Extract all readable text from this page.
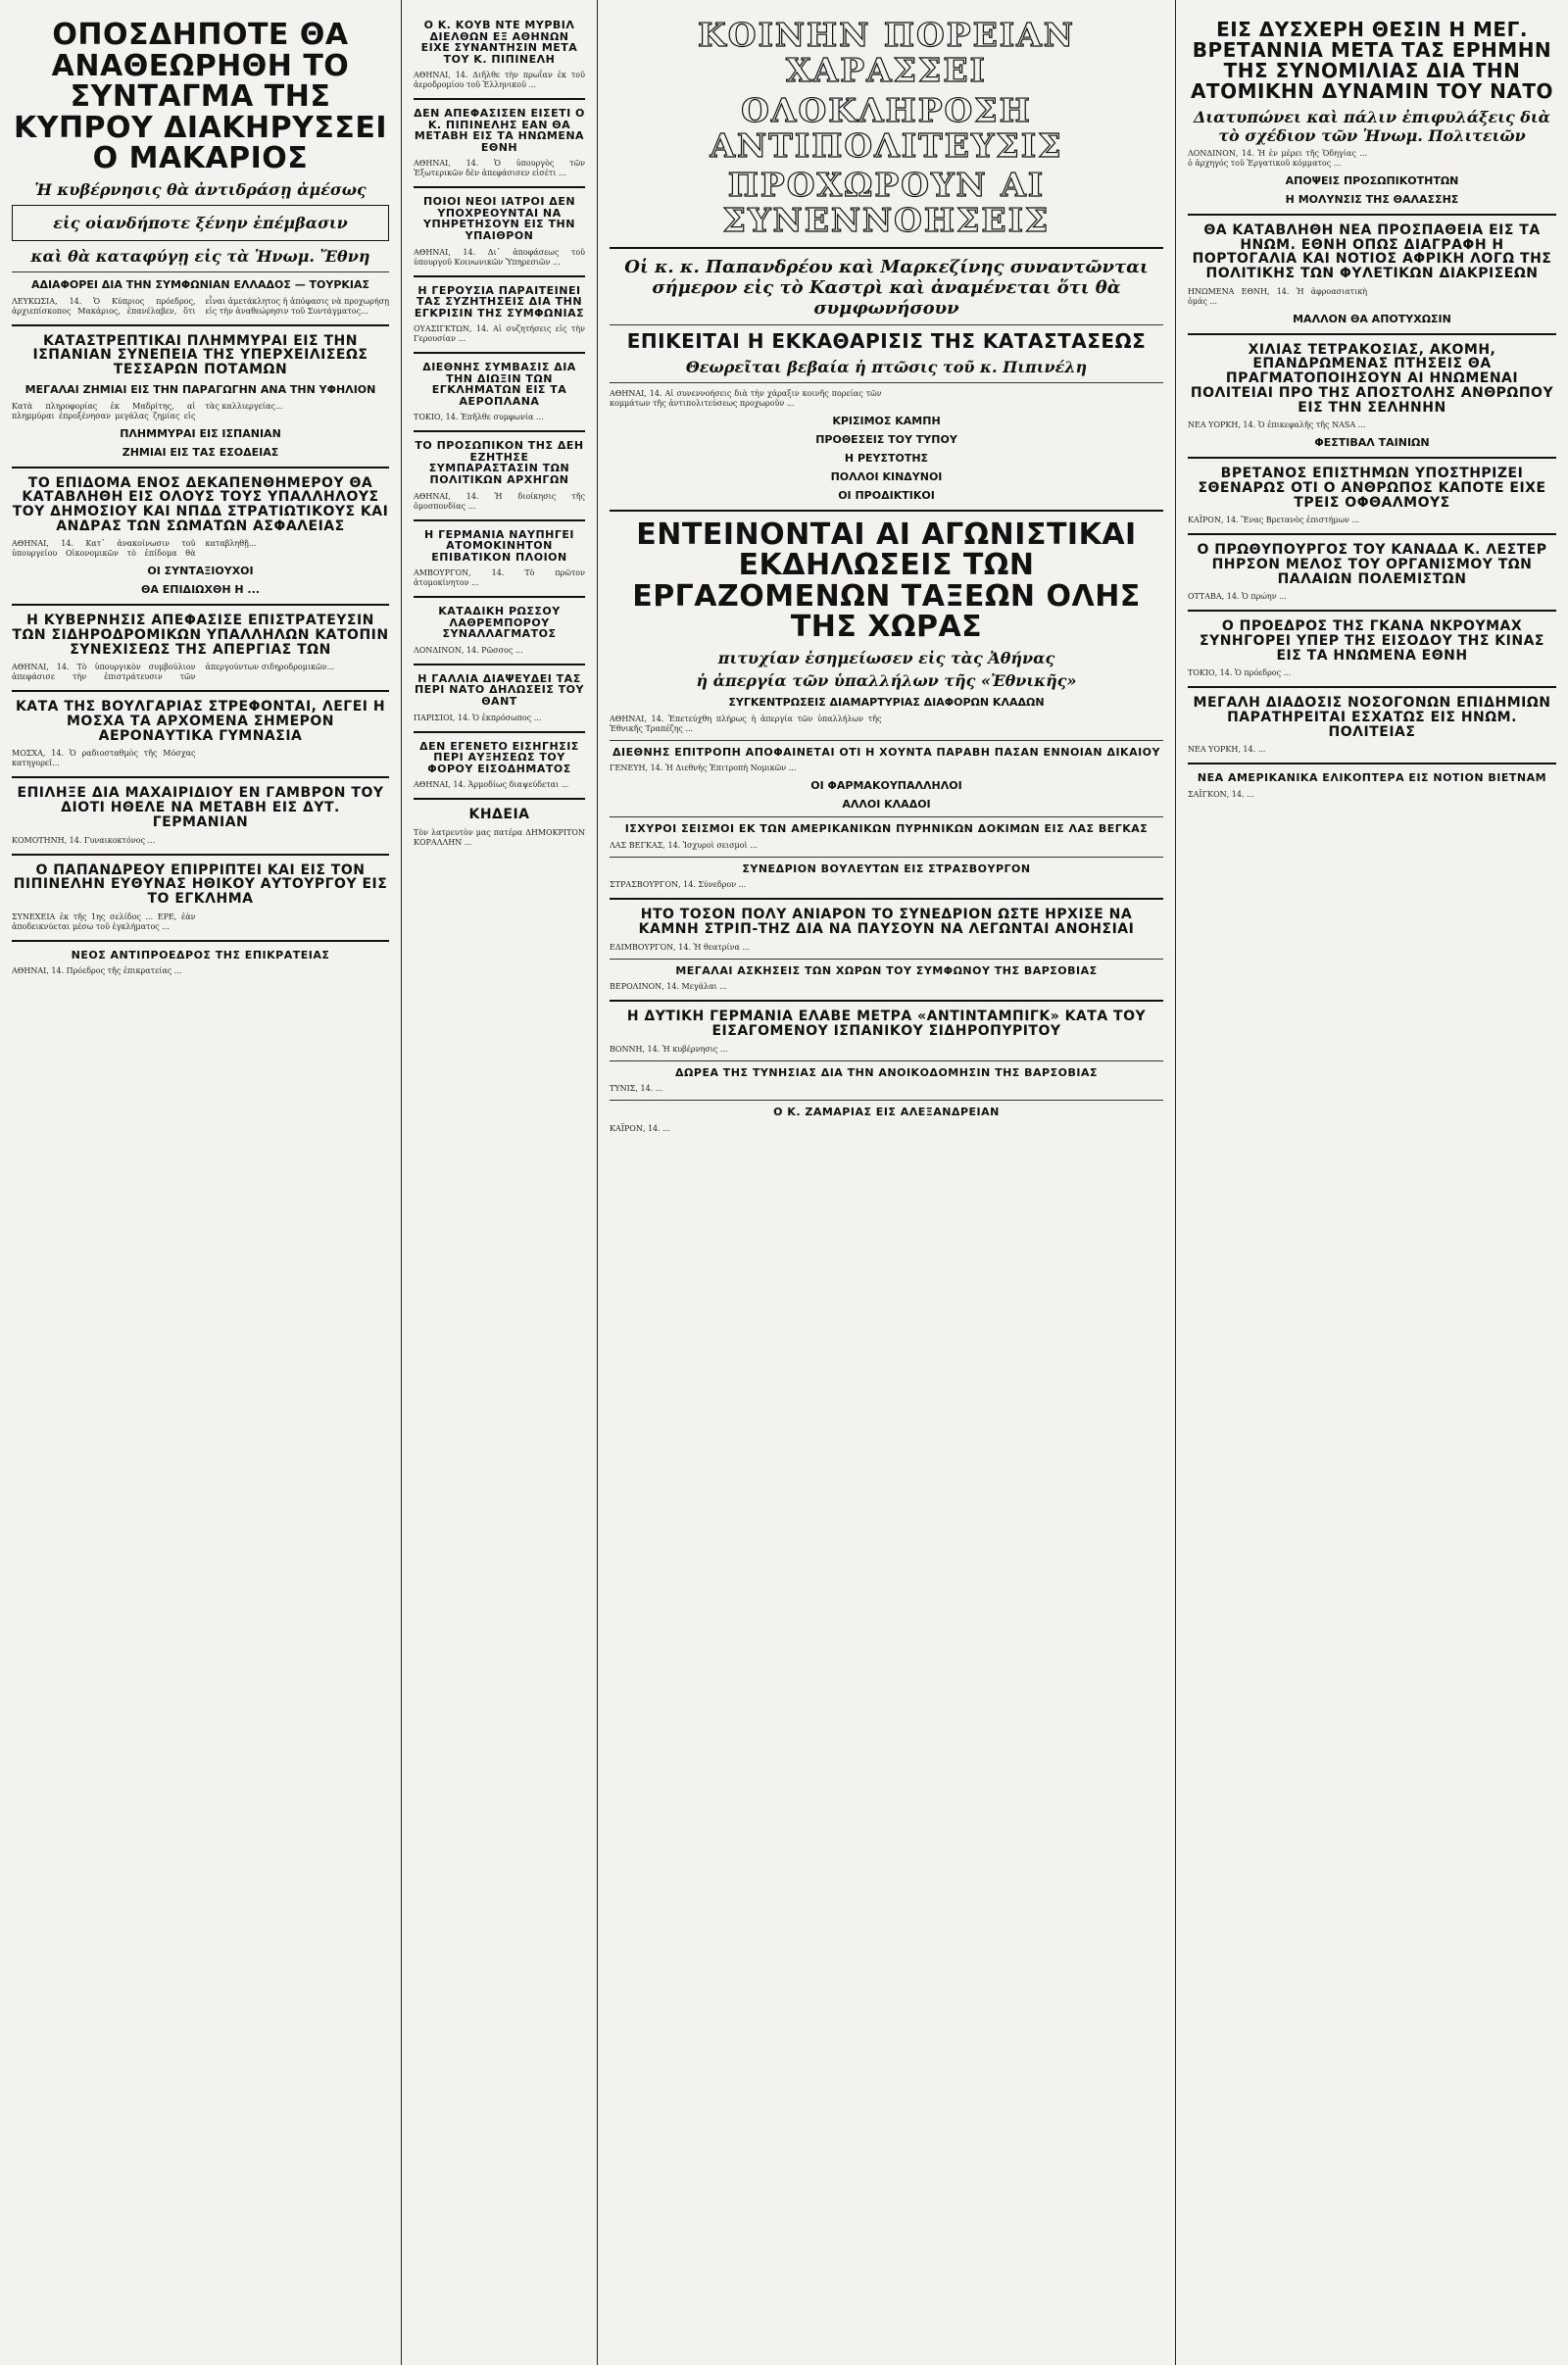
ΟΠΟΣΔΗΠΟΤΕ ΘΑ ΑΝΑΘΕΩΡΗΘΗ ΤΟ ΣΥΝΤΑΓΜΑ ΤΗΣ ΚΥΠΡΟΥ ΔΙΑΚΗΡΥΣΣΕΙ Ο ΜΑΚΑΡΙΟΣ
Ἡ κυβέρνησις θὰ ἀντιδράσῃ ἀμέσως
εἰς οἱανδήποτε ξένην ἐπέμβασιν
καὶ θὰ καταφύγῃ εἰς τὰ Ἡνωμ. Ἔθνη
ΑΔΙΑΦΟΡΕΙ ΔΙΑ ΤΗΝ ΣΥΜΦΩΝΙΑΝ ΕΛΛΑΔΟΣ — ΤΟΥΡΚΙΑΣ
ΛΕΥΚΩΣΙΑ, 14. Ὁ Κύπριος πρόεδρος, ἀρχιεπίσκοπος Μακάριος, ἐπανέλαβεν, ὅτι εἶναι ἀμετάκλητος ἡ ἀπόφασις νὰ προχωρήσῃ εἰς τὴν ἀναθεώρησιν τοῦ Συντάγματος...
ΚΑΤΑΣΤΡΕΠΤΙΚΑΙ ΠΛΗΜΜΥΡΑΙ ΕΙΣ ΤΗΝ ΙΣΠΑΝΙΑΝ ΣΥΝΕΠΕΙΑ ΤΗΣ ΥΠΕΡΧΕΙΛΙΣΕΩΣ ΤΕΣΣΑΡΩΝ ΠΟΤΑΜΩΝ
ΜΕΓΑΛΑΙ ΖΗΜΙΑΙ ΕΙΣ ΤΗΝ ΠΑΡΑΓΩΓΗΝ ΑΝΑ ΤΗΝ ΥΦΗΛΙΟΝ
Κατὰ πληροφορίας ἐκ Μαδρίτης, αἱ πλημμύραι ἐπροξένησαν μεγάλας ζημίας εἰς τὰς καλλιεργείας...
ΠΛΗΜΜΥΡΑΙ ΕΙΣ ΙΣΠΑΝΙΑΝ
ΖΗΜΙΑΙ ΕΙΣ ΤΑΣ ΕΣΟΔΕΙΑΣ
ΤΟ ΕΠΙΔΟΜΑ ΕΝΟΣ ΔΕΚΑΠΕΝΘΗΜΕΡΟΥ ΘΑ ΚΑΤΑΒΛΗΘΗ ΕΙΣ ΟΛΟΥΣ ΤΟΥΣ ΥΠΑΛΛΗΛΟΥΣ ΤΟΥ ΔΗΜΟΣΙΟΥ ΚΑΙ ΝΠΔΔ ΣΤΡΑΤΙΩΤΙΚΟΥΣ ΚΑΙ ΑΝΔΡΑΣ ΤΩΝ ΣΩΜΑΤΩΝ ΑΣΦΑΛΕΙΑΣ
ΑΘΗΝΑΙ, 14. Κατ᾽ ἀνακοίνωσιν τοῦ ὑπουργείου Οἰκονομικῶν τὸ ἐπίδομα θὰ καταβληθῇ...
ΟΙ ΣΥΝΤΑΞΙΟΥΧΟΙ
ΘΑ ΕΠΙΔΙΩΧΘΗ Η ...
Η ΚΥΒΕΡΝΗΣΙΣ ΑΠΕΦΑΣΙΣΕ ΕΠΙΣΤΡΑΤΕΥΣΙΝ ΤΩΝ ΣΙΔΗΡΟΔΡΟΜΙΚΩΝ ΥΠΑΛΛΗΛΩΝ ΚΑΤΟΠΙΝ ΣΥΝΕΧΙΣΕΩΣ ΤΗΣ ΑΠΕΡΓΙΑΣ ΤΩΝ
ΑΘΗΝΑΙ, 14. Τὸ ὑπουργικὸν συμβούλιον ἀπεφάσισε τὴν ἐπιστράτευσιν τῶν ἀπεργούντων σιδηροδρομικῶν...
ΚΑΤΑ ΤΗΣ ΒΟΥΛΓΑΡΙΑΣ ΣΤΡΕΦΟΝΤΑΙ, ΛΕΓΕΙ Η ΜΟΣΧΑ ΤΑ ΑΡΧΟΜΕΝΑ ΣΗΜΕΡΟΝ ΑΕΡΟΝΑΥΤΙΚΑ ΓΥΜΝΑΣΙΑ
ΜΟΣΧΑ, 14. Ὁ ραδιοσταθμὸς τῆς Μόσχας κατηγορεῖ...
ΕΠΙΛΗΞΕ ΔΙΑ ΜΑΧΑΙΡΙΔΙΟΥ ΕΝ ΓΑΜΒΡΟΝ ΤΟΥ ΔΙΟΤΙ ΗΘΕΛΕ ΝΑ ΜΕΤΑΒΗ ΕΙΣ ΔΥΤ. ΓΕΡΜΑΝΙΑΝ
ΚΟΜΟΤΗΝΗ, 14. Γυναικοκτόνος ...
Ο ΠΑΠΑΝΔΡΕΟΥ ΕΠΙΡΡΙΠΤΕΙ ΚΑΙ ΕΙΣ ΤΟΝ ΠΙΠΙΝΕΛΗΝ ΕΥΘΥΝΑΣ ΗΘΙΚΟΥ ΑΥΤΟΥΡΓΟΥ ΕΙΣ ΤΟ ΕΓΚΛΗΜΑ
ΣΥΝΕΧΕΙΑ ἐκ τῆς 1ης σελίδος ... ΕΡΕ, ἐὰν ἀποδεικνύεται μέσω τοῦ ἐγκλήματος ...
ΝΕΟΣ ΑΝΤΙΠΡΟΕΔΡΟΣ ΤΗΣ ΕΠΙΚΡΑΤΕΙΑΣ
ΑΘΗΝΑΙ, 14. Πρόεδρος τῆς ἐπικρατείας ...
Ο Κ. ΚΟΥΒ ΝΤΕ ΜΥΡΒΙΛ ΔΙΕΛΘΩΝ ΕΞ ΑΘΗΝΩΝ ΕΙΧΕ ΣΥΝΑΝΤΗΣΙΝ ΜΕΤΑ ΤΟΥ Κ. ΠΙΠΙΝΕΛΗ
ΑΘΗΝΑΙ, 14. Διῆλθε τὴν πρωΐαν ἐκ τοῦ ἀεροδρομίου τοῦ Ἑλληνικοῦ ...
ΔΕΝ ΑΠΕΦΑΣΙΣΕΝ ΕΙΣΕΤΙ Ο Κ. ΠΙΠΙΝΕΛΗΣ ΕΑΝ ΘΑ ΜΕΤΑΒΗ ΕΙΣ ΤΑ ΗΝΩΜΕΝΑ ΕΘΝΗ
ΑΘΗΝΑΙ, 14. Ὁ ὑπουργὸς τῶν Ἐξωτερικῶν δὲν ἀπεφάσισεν εἰσέτι ...
ΠΟΙΟΙ ΝΕΟΙ ΙΑΤΡΟΙ ΔΕΝ ΥΠΟΧΡΕΟΥΝΤΑΙ ΝΑ ΥΠΗΡΕΤΗΣΟΥΝ ΕΙΣ ΤΗΝ ΥΠΑΙΘΡΟΝ
ΑΘΗΝΑΙ, 14. Δι᾽ ἀποφάσεως τοῦ ὑπουργοῦ Κοινωνικῶν Ὑπηρεσιῶν ...
Η ΓΕΡΟΥΣΙΑ ΠΑΡΑΙΤΕΙΝΕΙ ΤΑΣ ΣΥΖΗΤΗΣΕΙΣ ΔΙΑ ΤΗΝ ΕΓΚΡΙΣΙΝ ΤΗΣ ΣΥΜΦΩΝΙΑΣ
ΟΥΑΣΙΓΚΤΩΝ, 14. Αἱ συζητήσεις εἰς τὴν Γερουσίαν ...
ΔΙΕΘΝΗΣ ΣΥΜΒΑΣΙΣ ΔΙΑ ΤΗΝ ΔΙΩΞΙΝ ΤΩΝ ΕΓΚΛΗΜΑΤΩΝ ΕΙΣ ΤΑ ΑΕΡΟΠΛΑΝΑ
ΤΟΚΙΟ, 14. Ἐπῆλθε συμφωνία ...
ΤΟ ΠΡΟΣΩΠΙΚΟΝ ΤΗΣ ΔΕΗ ΕΖΗΤΗΣΕ ΣΥΜΠΑΡΑΣΤΑΣΙΝ ΤΩΝ ΠΟΛΙΤΙΚΩΝ ΑΡΧΗΓΩΝ
ΑΘΗΝΑΙ, 14. Ἡ διοίκησις τῆς ὁμοσπονδίας ...
Η ΓΕΡΜΑΝΙΑ ΝΑΥΠΗΓΕΙ ΑΤΟΜΟΚΙΝΗΤΟΝ ΕΠΙΒΑΤΙΚΟΝ ΠΛΟΙΟΝ
ΑΜΒΟΥΡΓΟΝ, 14. Τὸ πρῶτον ἀτομοκίνητον ...
ΚΑΤΑΔΙΚΗ ΡΩΣΣΟΥ ΛΑΘΡΕΜΠΟΡΟΥ ΣΥΝΑΛΛΑΓΜΑΤΟΣ
ΛΟΝΔΙΝΟΝ, 14. Ρῶσσος ...
Η ΓΑΛΛΙΑ ΔΙΑΨΕΥΔΕΙ ΤΑΣ ΠΕΡΙ ΝΑΤΟ ΔΗΛΩΣΕΙΣ ΤΟΥ ΘΑΝΤ
ΠΑΡΙΣΙΟΙ, 14. Ὁ ἐκπρόσωπος ...
ΔΕΝ ΕΓΕΝΕΤΟ ΕΙΣΗΓΗΣΙΣ ΠΕΡΙ ΑΥΞΗΣΕΩΣ ΤΟΥ ΦΟΡΟΥ ΕΙΣΟΔΗΜΑΤΟΣ
ΑΘΗΝΑΙ, 14. Ἁρμοδίως διαψεύδεται ...
ΚΗΔΕΙΑ
Τὸν λατρευτὸν μας πατέρα ΔΗΜΟΚΡΙΤΟΝ ΚΟΡΑΛΛΗΝ ...
ΚΟΙΝΗΝ ΠΟΡΕΙΑΝ ΧΑΡΑΣΣΕΙ
ΟΛΟΚΛΗΡΟΣΗ ΑΝΤΙΠΟΛΙΤΕΥΣΙΣ
ΠΡΟΧΩΡΟΥΝ ΑΙ ΣΥΝΕΝΝΟΗΣΕΙΣ
Οἱ κ. κ. Παπανδρέου καὶ Μαρκεζίνης συναντῶνται σήμερον εἰς τὸ Καστρὶ καὶ ἀναμένεται ὅτι θὰ συμφωνήσουν
ΕΠΙΚΕΙΤΑΙ Η ΕΚΚΑΘΑΡΙΣΙΣ ΤΗΣ ΚΑΤΑΣΤΑΣΕΩΣ
Θεωρεῖται βεβαία ἡ πτῶσις τοῦ κ. Πιπινέλη
ΑΘΗΝΑΙ, 14. Αἱ συνεννοήσεις διὰ τὴν χάραξιν κοινῆς πορείας τῶν κομμάτων τῆς ἀντιπολιτεύσεως προχωροῦν ...
ΚΡΙΣΙΜΟΣ ΚΑΜΠΗ
ΠΡΟΘΕΣΕΙΣ ΤΟΥ ΤΥΠΟΥ
Η ΡΕΥΣΤΟΤΗΣ
ΠΟΛΛΟΙ ΚΙΝΔΥΝΟΙ
ΟΙ ΠΡΟΔΙΚΤΙΚΟΙ
ΕΝΤΕΙΝΟΝΤΑΙ ΑΙ ΑΓΩΝΙΣΤΙΚΑΙ ΕΚΔΗΛΩΣΕΙΣ ΤΩΝ ΕΡΓΑΖΟΜΕΝΩΝ ΤΑΞΕΩΝ ΟΛΗΣ ΤΗΣ ΧΩΡΑΣ
πιτυχίαν ἐσημείωσεν εἰς τὰς Ἀθήνας
ἡ ἀπεργία τῶν ὑπαλλήλων τῆς «Ἐθνικῆς»
ΣΥΓΚΕΝΤΡΩΣΕΙΣ ΔΙΑΜΑΡΤΥΡΙΑΣ ΔΙΑΦΟΡΩΝ ΚΛΑΔΩΝ
ΑΘΗΝΑΙ, 14. Ἐπετεύχθη πλήρως ἡ ἀπεργία τῶν ὑπαλλήλων τῆς Ἐθνικῆς Τραπέζης ...
ΔΙΕΘΝΗΣ ΕΠΙΤΡΟΠΗ ΑΠΟΦΑΙΝΕΤΑΙ ΟΤΙ Η ΧΟΥΝΤΑ ΠΑΡΑΒΗ ΠΑΣΑΝ ΕΝΝΟΙΑΝ ΔΙΚΑΙΟΥ
ΓΕΝΕΥΗ, 14. Ἡ Διεθνὴς Ἐπιτροπὴ Νομικῶν ...
ΟΙ ΦΑΡΜΑΚΟΥΠΑΛΛΗΛΟΙ
ΑΛΛΟΙ ΚΛΑΔΟΙ
ΙΣΧΥΡΟΙ ΣΕΙΣΜΟΙ ΕΚ ΤΩΝ ΑΜΕΡΙΚΑΝΙΚΩΝ ΠΥΡΗΝΙΚΩΝ ΔΟΚΙΜΩΝ ΕΙΣ ΛΑΣ ΒΕΓΚΑΣ
ΛΑΣ ΒΕΓΚΑΣ, 14. Ἰσχυροὶ σεισμοὶ ...
ΣΥΝΕΔΡΙΟΝ ΒΟΥΛΕΥΤΩΝ ΕΙΣ ΣΤΡΑΣΒΟΥΡΓΟΝ
ΣΤΡΑΣΒΟΥΡΓΟΝ, 14. Σύνεδρον ...
ΗΤΟ ΤΟΣΟΝ ΠΟΛΥ ΑΝΙΑΡΟΝ ΤΟ ΣΥΝΕΔΡΙΟΝ ΩΣΤΕ ΗΡΧΙΣΕ ΝΑ ΚΑΜΝΗ ΣΤΡΙΠ-ΤΗΖ ΔΙΑ ΝΑ ΠΑΥΣΟΥΝ ΝΑ ΛΕΓΩΝΤΑΙ ΑΝΟΗΣΙΑΙ
ΕΔΙΜΒΟΥΡΓΟΝ, 14. Ἡ θεατρίνα ...
ΜΕΓΑΛΑΙ ΑΣΚΗΣΕΙΣ ΤΩΝ ΧΩΡΩΝ ΤΟΥ ΣΥΜΦΩΝΟΥ ΤΗΣ ΒΑΡΣΟΒΙΑΣ
ΒΕΡΟΛΙΝΟΝ, 14. Μεγάλαι ...
Η ΔΥΤΙΚΗ ΓΕΡΜΑΝΙΑ ΕΛΑΒΕ ΜΕΤΡΑ «ΑΝΤΙΝΤΑΜΠΙΓΚ» ΚΑΤΑ ΤΟΥ ΕΙΣΑΓΟΜΕΝΟΥ ΙΣΠΑΝΙΚΟΥ ΣΙΔΗΡΟΠΥΡΙΤΟΥ
ΒΟΝΝΗ, 14. Ἡ κυβέρνησις ...
ΔΩΡΕΑ ΤΗΣ ΤΥΝΗΣΙΑΣ ΔΙΑ ΤΗΝ ΑΝΟΙΚΟΔΟΜΗΣΙΝ ΤΗΣ ΒΑΡΣΟΒΙΑΣ
ΤΥΝΙΣ, 14. ...
Ο Κ. ΖΑΜΑΡΙΑΣ ΕΙΣ ΑΛΕΞΑΝΔΡΕΙΑΝ
ΚΑΪΡΟΝ, 14. ...
ΕΙΣ ΔΥΣΧΕΡΗ ΘΕΣΙΝ Η ΜΕΓ. ΒΡΕΤΑΝΝΙΑ ΜΕΤΑ ΤΑΣ ΕΡΗΜΗΝ ΤΗΣ ΣΥΝΟΜΙΛΙΑΣ ΔΙΑ ΤΗΝ ΑΤΟΜΙΚΗΝ ΔΥΝΑΜΙΝ ΤΟΥ ΝΑΤΟ
Διατυπώνει καὶ πάλιν ἐπιφυλάξεις διὰ τὸ σχέδιον τῶν Ἡνωμ. Πολιτειῶν
ΛΟΝΔΙΝΟΝ, 14. Ἡ ἐν μέρει τῆς Ὁδηγίας ... ὁ ἀρχηγός τοῦ Ἐργατικοῦ κόμματος ...
ΑΠΟΨΕΙΣ ΠΡΟΣΩΠΙΚΟΤΗΤΩΝ
Η ΜΟΛΥΝΣΙΣ ΤΗΣ ΘΑΛΑΣΣΗΣ
ΘΑ ΚΑΤΑΒΛΗΘΗ ΝΕΑ ΠΡΟΣΠΑΘΕΙΑ ΕΙΣ ΤΑ ΗΝΩΜ. ΕΘΝΗ ΟΠΩΣ ΔΙΑΓΡΑΦΗ Η ΠΟΡΤΟΓΑΛΙΑ ΚΑΙ ΝΟΤΙΟΣ ΑΦΡΙΚΗ ΛΟΓΩ ΤΗΣ ΠΟΛΙΤΙΚΗΣ ΤΩΝ ΦΥΛΕΤΙΚΩΝ ΔΙΑΚΡΙΣΕΩΝ
ΗΝΩΜΕΝΑ ΕΘΝΗ, 14. Ἡ ἀφροασιατικὴ ὁμάς ...
ΜΑΛΛΟΝ ΘΑ ΑΠΟΤΥΧΩΣΙΝ
ΧΙΛΙΑΣ ΤΕΤΡΑΚΟΣΙΑΣ, ΑΚΟΜΗ, ΕΠΑΝΔΡΩΜΕΝΑΣ ΠΤΗΣΕΙΣ ΘΑ ΠΡΑΓΜΑΤΟΠΟΙΗΣΟΥΝ ΑΙ ΗΝΩΜΕΝΑΙ ΠΟΛΙΤΕΙΑΙ ΠΡΟ ΤΗΣ ΑΠΟΣΤΟΛΗΣ ΑΝΘΡΩΠΟΥ ΕΙΣ ΤΗΝ ΣΕΛΗΝΗΝ
ΝΕΑ ΥΟΡΚΗ, 14. Ὁ ἐπικεφαλῆς τῆς NASA ...
ΦΕΣΤΙΒΑΛ ΤΑΙΝΙΩΝ
ΒΡΕΤΑΝΟΣ ΕΠΙΣΤΗΜΩΝ ΥΠΟΣΤΗΡΙΖΕΙ ΣΘΕΝΑΡΩΣ ΟΤΙ Ο ΑΝΘΡΩΠΟΣ ΚΑΠΟΤΕ ΕΙΧΕ ΤΡΕΙΣ ΟΦΘΑΛΜΟΥΣ
ΚΑΪΡΟΝ, 14. Ἕνας Βρετανὸς ἐπιστήμων ...
Ο ΠΡΩΘΥΠΟΥΡΓΟΣ ΤΟΥ ΚΑΝΑΔΑ Κ. ΛΕΣΤΕΡ ΠΗΡΣΟΝ ΜΕΛΟΣ ΤΟΥ ΟΡΓΑΝΙΣΜΟΥ ΤΩΝ ΠΑΛΑΙΩΝ ΠΟΛΕΜΙΣΤΩΝ
ΟΤΤΑΒΑ, 14. Ὁ πρώην ...
Ο ΠΡΟΕΔΡΟΣ ΤΗΣ ΓΚΑΝΑ ΝΚΡΟΥΜΑΧ ΣΥΝΗΓΟΡΕΙ ΥΠΕΡ ΤΗΣ ΕΙΣΟΔΟΥ ΤΗΣ ΚΙΝΑΣ ΕΙΣ ΤΑ ΗΝΩΜΕΝΑ ΕΘΝΗ
ΤΟΚΙΟ, 14. Ὁ πρόεδρος ...
ΜΕΓΑΛΗ ΔΙΑΔΟΣΙΣ ΝΟΣΟΓΟΝΩΝ ΕΠΙΔΗΜΙΩΝ ΠΑΡΑΤΗΡΕΙΤΑΙ ΕΣΧΑΤΩΣ ΕΙΣ ΗΝΩΜ. ΠΟΛΙΤΕΙΑΣ
ΝΕΑ ΥΟΡΚΗ, 14. ...
ΝΕΑ ΑΜΕΡΙΚΑΝΙΚΑ ΕΛΙΚΟΠΤΕΡΑ ΕΙΣ ΝΟΤΙΟΝ ΒΙΕΤΝΑΜ
ΣΑΪΓΚΟΝ, 14. ...
